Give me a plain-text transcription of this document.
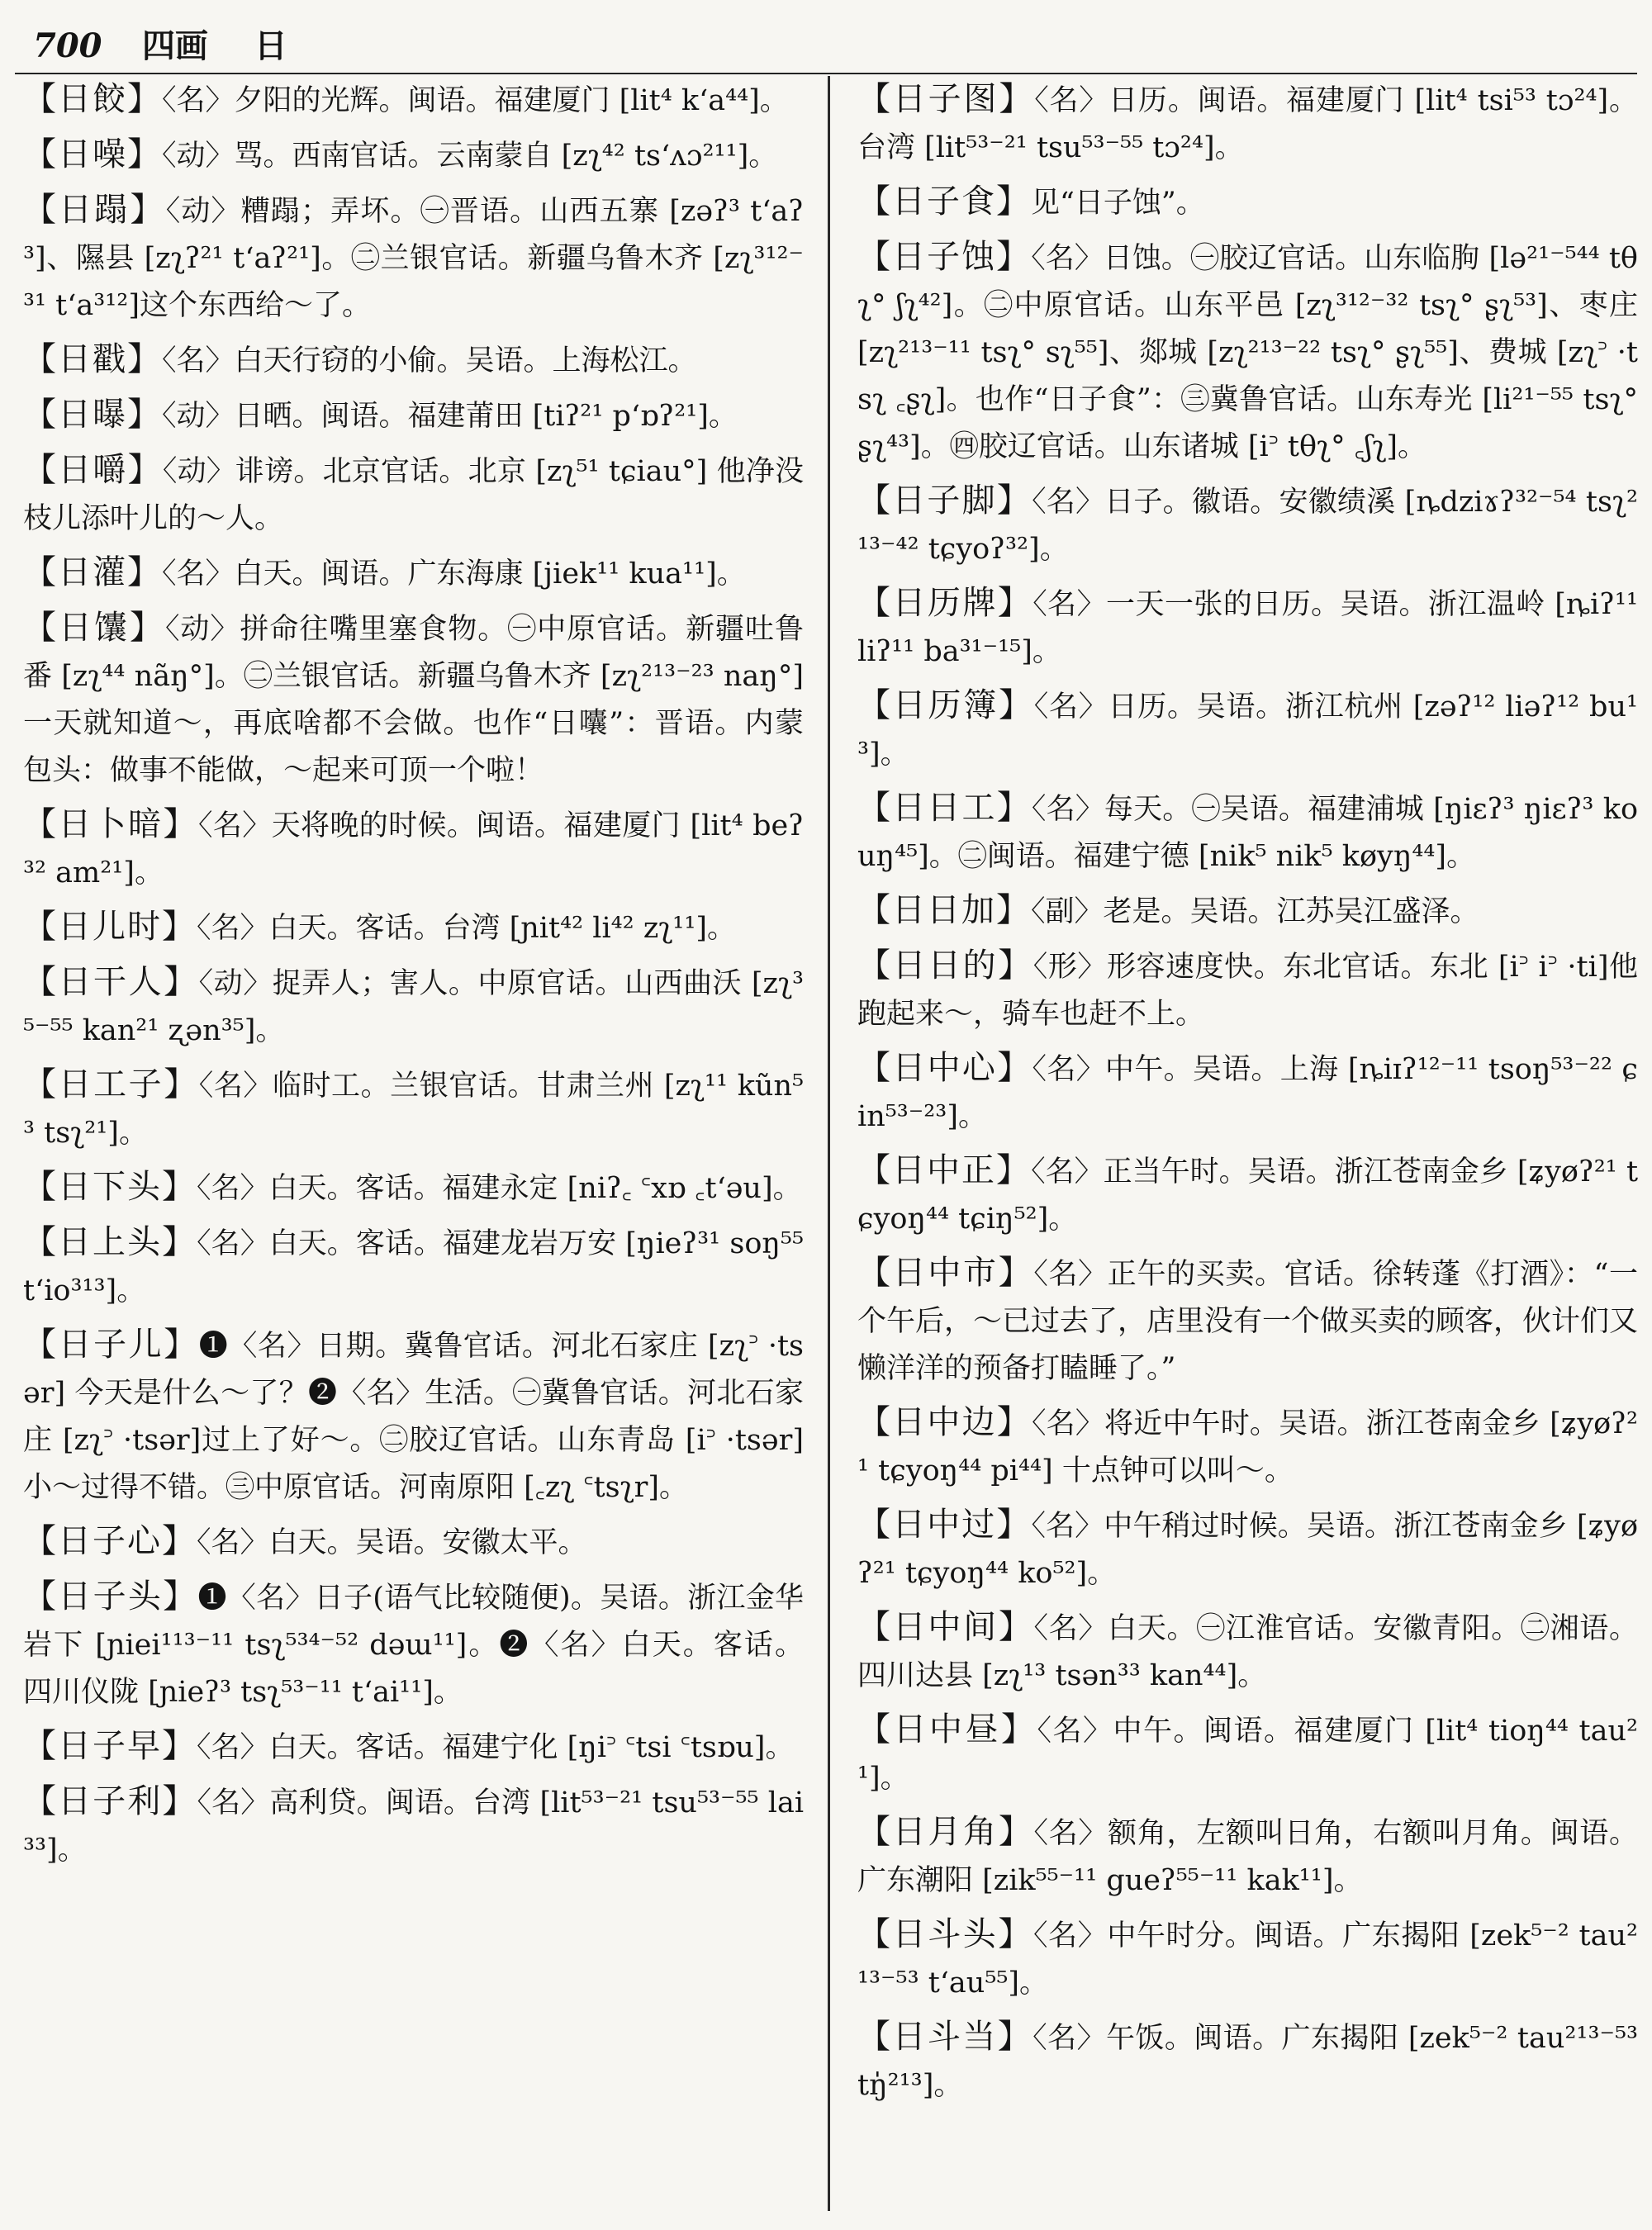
700 四画 日
【 日餃 】 〈名〉夕阳的光辉。闽语。福建厦门 [lit⁴ k‘a⁴⁴]。
【 日噪 】 〈动〉骂。西南官话。云南蒙自 [zʅ⁴² ts‘ʌɔ²¹¹]。
【 日蹋 】 〈动〉糟蹋；弄坏。㊀晋语。山西五寨 [zəʔ³ t‘aʔ³]、隰县 [zʅʔ²¹ t‘aʔ²¹]。㊁兰银官话。新疆乌鲁木齐 [zʅ³¹²⁻³¹ t‘a³¹²]这个东西给～了。
【 日戳 】 〈名〉白天行窃的小偷。吴语。上海松江。
【 日曝 】 〈动〉日晒。闽语。福建莆田 [tiʔ²¹ p‘ɒʔ²¹]。
【 日嚼 】 〈动〉诽谤。北京官话。北京 [zʅ⁵¹ tɕiau°] 他净没枝儿添叶儿的～人。
【 日灌 】 〈名〉白天。闽语。广东海康 [jiek¹¹ kua¹¹]。
【 日馕 】 〈动〉拼命往嘴里塞食物。㊀中原官话。新疆吐鲁番 [zʅ⁴⁴ nãŋ°]。㊁兰银官话。新疆乌鲁木齐 [zʅ²¹³⁻²³ naŋ°] 一天就知道～，再底啥都不会做。也作“日囔”：晋语。内蒙包头：做事不能做，～起来可顶一个啦！
【 日卜暗 】 〈名〉天将晚的时候。闽语。福建厦门 [lit⁴ beʔ³² am²¹]。
【 日儿时 】 〈名〉白天。客话。台湾 [ɲit⁴² li⁴² zʅ¹¹]。
【 日干人 】 〈动〉捉弄人；害人。中原官话。山西曲沃 [zʅ³⁵⁻⁵⁵ kan²¹ ʐən³⁵]。
【 日工子 】 〈名〉临时工。兰银官话。甘肃兰州 [zʅ¹¹ kũn⁵³ tsʅ²¹]。
【 日下头 】 〈名〉白天。客话。福建永定 [niʔ꜀ ꜂xɒ ꜀t‘əu]。
【 日上头 】 〈名〉白天。客话。福建龙岩万安 [ŋieʔ³¹ soŋ⁵⁵ t‘io³¹³]。
【 日子儿 】 ❶〈名〉日期。冀鲁官话。河北石家庄 [zʅ꜄ ·tsər] 今天是什么～了？❷〈名〉生活。㊀冀鲁官话。河北石家庄 [zʅ꜄ ·tsər]过上了好～。㊁胶辽官话。山东青岛 [i꜄ ·tsər]小～过得不错。㊂中原官话。河南原阳 [꜀zʅ ꜂tsʅr]。
【 日子心 】 〈名〉白天。吴语。安徽太平。
【 日子头 】 ❶〈名〉日子(语气比较随便)。吴语。浙江金华岩下 [ɲiei¹¹³⁻¹¹ tsʅ⁵³⁴⁻⁵² dəɯ¹¹]。❷〈名〉白天。客话。四川仪陇 [ɲieʔ³ tsʅ⁵³⁻¹¹ t‘ai¹¹]。
【 日子早 】 〈名〉白天。客话。福建宁化 [ŋi꜄ ꜂tsi ꜂tsɒu]。
【 日子利 】 〈名〉高利贷。闽语。台湾 [lit⁵³⁻²¹ tsu⁵³⁻⁵⁵ lai³³]。
【 日子图 】 〈名〉日历。闽语。福建厦门 [lit⁴ tsi⁵³ tɔ²⁴]。台湾 [lit⁵³⁻²¹ tsu⁵³⁻⁵⁵ tɔ²⁴]。
【 日子食 】 见“日子蚀”。
【 日子蚀 】 〈名〉日蚀。㊀胶辽官话。山东临朐 [lə²¹⁻⁵⁴⁴ tθʅ° ʃʅ⁴²]。㊁中原官话。山东平邑 [zʅ³¹²⁻³² tsʅ° ʂʅ⁵³]、枣庄 [zʅ²¹³⁻¹¹ tsʅ° sʅ⁵⁵]、郯城 [zʅ²¹³⁻²² tsʅ° ʂʅ⁵⁵]、费城 [zʅ꜄ ·tsʅ ꜀ʂʅ]。也作“日子食”：㊂冀鲁官话。山东寿光 [li²¹⁻⁵⁵ tsʅ° ʂʅ⁴³]。㊃胶辽官话。山东诸城 [i꜄ tθʅ° ꜀ʃʅ]。
【 日子脚 】 〈名〉日子。徽语。安徽绩溪 [ȵdziɤʔ³²⁻⁵⁴ tsʅ²¹³⁻⁴² tɕyoʔ³²]。
【 日历牌 】 〈名〉一天一张的日历。吴语。浙江温岭 [ȵiʔ¹¹ liʔ¹¹ ba³¹⁻¹⁵]。
【 日历簿 】 〈名〉日历。吴语。浙江杭州 [zəʔ¹² liəʔ¹² bu¹³]。
【 日日工 】 〈名〉每天。㊀吴语。福建浦城 [ŋiɛʔ³ ŋiɛʔ³ kouŋ⁴⁵]。㊁闽语。福建宁德 [nik⁵ nik⁵ køyŋ⁴⁴]。
【 日日加 】 〈副〉老是。吴语。江苏吴江盛泽。
【 日日的 】 〈形〉形容速度快。东北官话。东北 [i꜄ i꜄ ·ti]他跑起来～，骑车也赶不上。
【 日中心 】 〈名〉中午。吴语。上海 [ȵiɪʔ¹²⁻¹¹ tsoŋ⁵³⁻²² ɕin⁵³⁻²³]。
【 日中正 】 〈名〉正当午时。吴语。浙江苍南金乡 [ʑyøʔ²¹ tɕyoŋ⁴⁴ tɕiŋ⁵²]。
【 日中市 】 〈名〉正午的买卖。官话。徐转蓬《打酒》：“一个午后，～已过去了，店里没有一个做买卖的顾客，伙计们又懒洋洋的预备打瞌睡了。”
【 日中边 】 〈名〉将近中午时。吴语。浙江苍南金乡 [ʑyøʔ²¹ tɕyoŋ⁴⁴ pi⁴⁴] 十点钟可以叫～。
【 日中过 】 〈名〉中午稍过时候。吴语。浙江苍南金乡 [ʑyøʔ²¹ tɕyoŋ⁴⁴ ko⁵²]。
【 日中间 】 〈名〉白天。㊀江淮官话。安徽青阳。㊁湘语。四川达县 [zʅ¹³ tsən³³ kan⁴⁴]。
【 日中昼 】 〈名〉中午。闽语。福建厦门 [lit⁴ tioŋ⁴⁴ tau²¹]。
【 日月角 】 〈名〉额角，左额叫日角，右额叫月角。闽语。广东潮阳 [zik⁵⁵⁻¹¹ gueʔ⁵⁵⁻¹¹ kak¹¹]。
【 日斗头 】 〈名〉中午时分。闽语。广东揭阳 [zek⁵⁻² tau²¹³⁻⁵³ t‘au⁵⁵]。
【 日斗当 】 〈名〉午饭。闽语。广东揭阳 [zek⁵⁻² tau²¹³⁻⁵³ tŋ̍²¹³]。
